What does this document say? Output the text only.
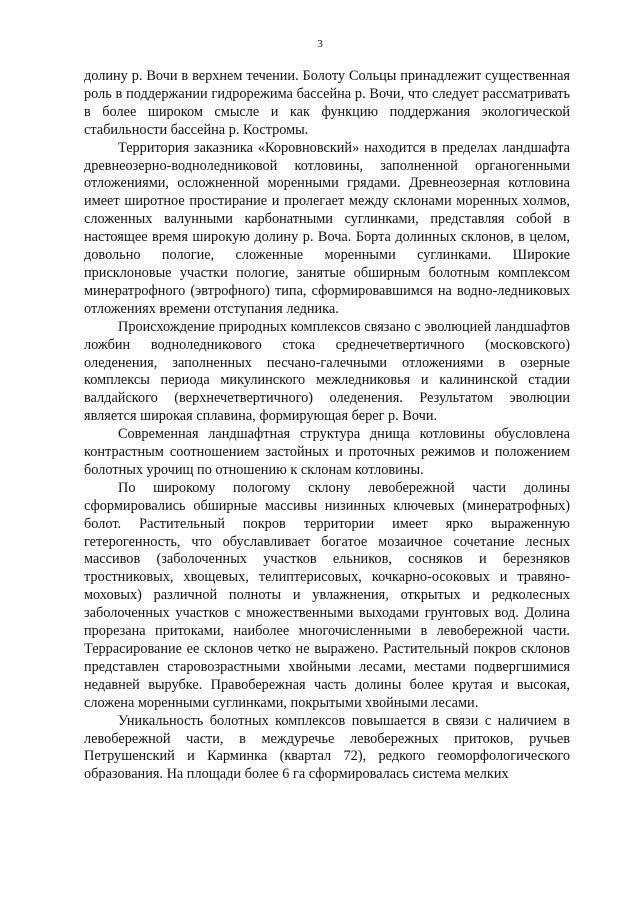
3

долину р. Вочи в верхнем течении. Болоту Сольцы принадлежит существенная роль в поддержании гидрорежима бассейна р. Вочи, что следует рассматривать в более широком смысле и как функцию поддержания экологической стабильности бассейна р. Костромы.

Территория заказника «Коровновский» находится в пределах ландшафта древнеозерно-водноледниковой котловины, заполненной органогенными отложениями, осложненной моренными грядами. Древнеозерная котловина имеет широтное простирание и пролегает между склонами моренных холмов, сложенных валунными карбонатными суглинками, представляя собой в настоящее время широкую долину р. Воча. Борта долинных склонов, в целом, довольно пологие, сложенные моренными суглинками. Широкие присклоновые участки пологие, занятые обширным болотным комплексом минератрофного (эвтрофного) типа, сформировавшимся на водно-ледниковых отложениях времени отступания ледника.

Происхождение природных комплексов связано с эволюцией ландшафтов ложбин водноледникового стока среднечетвертичного (московского) оледенения, заполненных песчано-галечными отложениями в озерные комплексы периода микулинского межледниковья и калининской стадии валдайского (верхнечетвертичного) оледенения. Результатом эволюции является широкая сплавина, формирующая берег р. Вочи.

Современная ландшафтная структура днища котловины обусловлена контрастным соотношением застойных и проточных режимов и положением болотных урочищ по отношению к склонам котловины.

По широкому пологому склону левобережной части долины сформировались обширные массивы низинных ключевых (минератрофных) болот. Растительный покров территории имеет ярко выраженную гетерогенность, что обуславливает богатое мозаичное сочетание лесных массивов (заболоченных участков ельников, сосняков и березняков тростниковых, хвощевых, телиптерисовых, кочкарно-осоковых и травяно-моховых) различной полноты и увлажнения, открытых и редколесных заболоченных участков с множественными выходами грунтовых вод. Долина прорезана притоками, наиболее многочисленными в левобережной части. Террасирование ее склонов четко не выражено. Растительный покров склонов представлен старовозрастными хвойными лесами, местами подвергшимися недавней вырубке. Правобережная часть долины более крутая и высокая, сложена моренными суглинками, покрытыми хвойными лесами.

Уникальность болотных комплексов повышается в связи с наличием в левобережной части, в междуречье левобережных притоков, ручьев Петрушенский и Карминка (квартал 72), редкого геоморфологического образования. На площади более 6 га сформировалась система мелких
